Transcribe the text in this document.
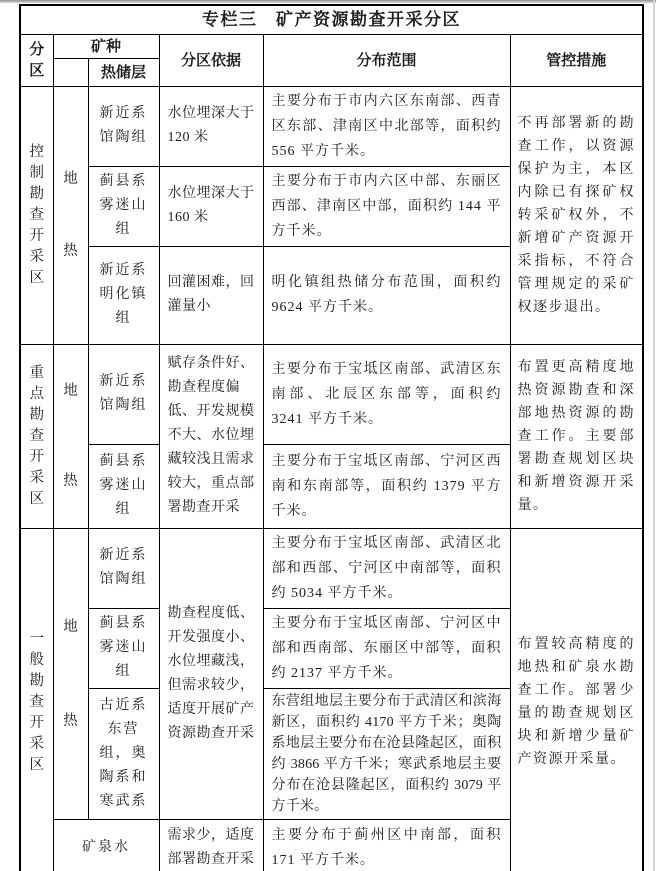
专栏三　矿产资源勘查开采分区					
分区	矿种		分区依据	分布范围	管控措施
		热储层			

控制勘查开采区	地热	新近系馆陶组	水位埋深大于 120 米	主要分布于市内六区东南部、西青区东部、津南区中北部等，面积约 556 平方千米。	不再部署新的勘查工作，以资源保护为主，本区内除已有探矿权转采矿权外，不新增矿产资源开采指标，不符合管理规定的采矿权逐步退出。
		蓟县系雾迷山组	水位埋深大于 160 米	主要分布于市内六区中部、东丽区西部、津南区中部，面积约 144 平方千米。	
		新近系明化镇组	回灌困难，回灌量小	明化镇组热储分布范围，面积约 9624 平方千米。	

重点勘查开采区	地热	新近系馆陶组	赋存条件好、勘查程度偏低、开发规模不大、水位埋藏较浅且需求较大，重点部署勘查开采	主要分布于宝坻区南部、武清区东南部、北辰区东部等，面积约 3241 平方千米。	布置更高精度地热资源勘查和深部地热资源的勘查工作。主要部署勘查规划区块和新增资源开采量。
		蓟县系雾迷山组		主要分布于宝坻区南部、宁河区西南和东南部等，面积约 1379 平方千米。	

一般勘查开采区	地热	新近系馆陶组	勘查程度低、开发强度小、水位埋藏浅，但需求较少，适度开展矿产资源勘查开采	主要分布于宝坻区南部、武清区北部和西部、宁河区中南部等，面积约 5034 平方千米。	布置较高精度的地热和矿泉水勘查工作。部署少量的勘查规划区块和新增少量矿产资源开采量。
		蓟县系雾迷山组		主要分布于宝坻区南部、宁河区中部和西南部、东丽区中部等，面积约 2137 平方千米。	
		古近系东营组，奥陶系和寒武系		东营组地层主要分布于武清区和滨海新区，面积约 4170 平方千米；奥陶系地层主要分布在沧县隆起区，面积约 3866 平方千米；寒武系地层主要分布在沧县隆起区，面积约 3079 平方千米。	
	矿泉水		需求少，适度部署勘查开采	主要分布于蓟州区中南部，面积 171 平方千米。	
